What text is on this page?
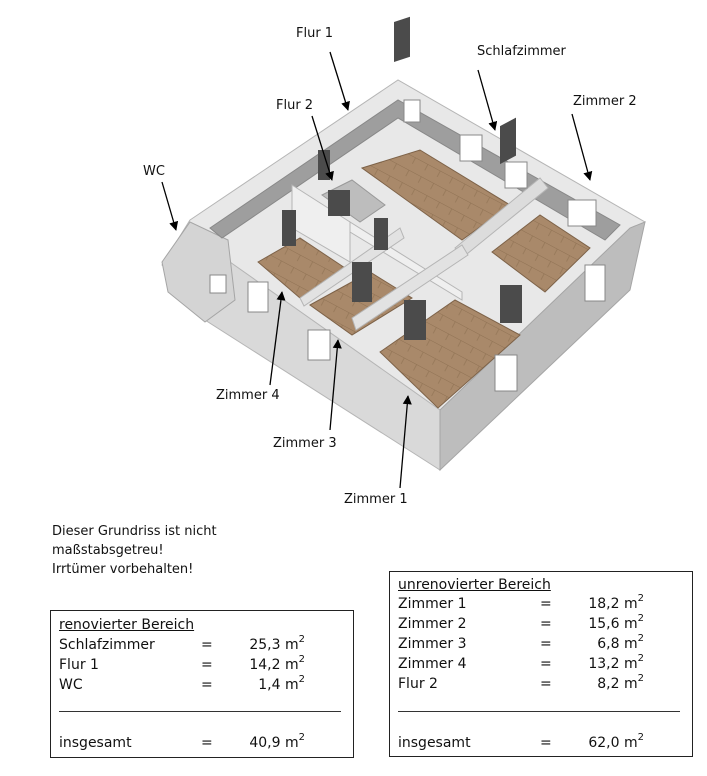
Flur 1
Schlafzimmer
Zimmer 2
Flur 2
WC
Zimmer 4
Zimmer 3
Zimmer 1
Dieser Grundriss ist nicht
maßstabsgetreu!
Irrtümer vorbehalten!
renovierter Bereich
Schlafzimmer	=	25,3 $m^2$
Flur 1	=	14,2 $m^2$
WC	=	1,4 $m^2$
insgesamt	=	40,9 $m^2$
unrenovierter Bereich
Zimmer 1	=	18,2 $m^2$
Zimmer 2	=	15,6 $m^2$
Zimmer 3	=	6,8 $m^2$
Zimmer 4	=	13,2 $m^2$
Flur 2	=	8,2 $m^2$
insgesamt	=	62,0 $m^2$
